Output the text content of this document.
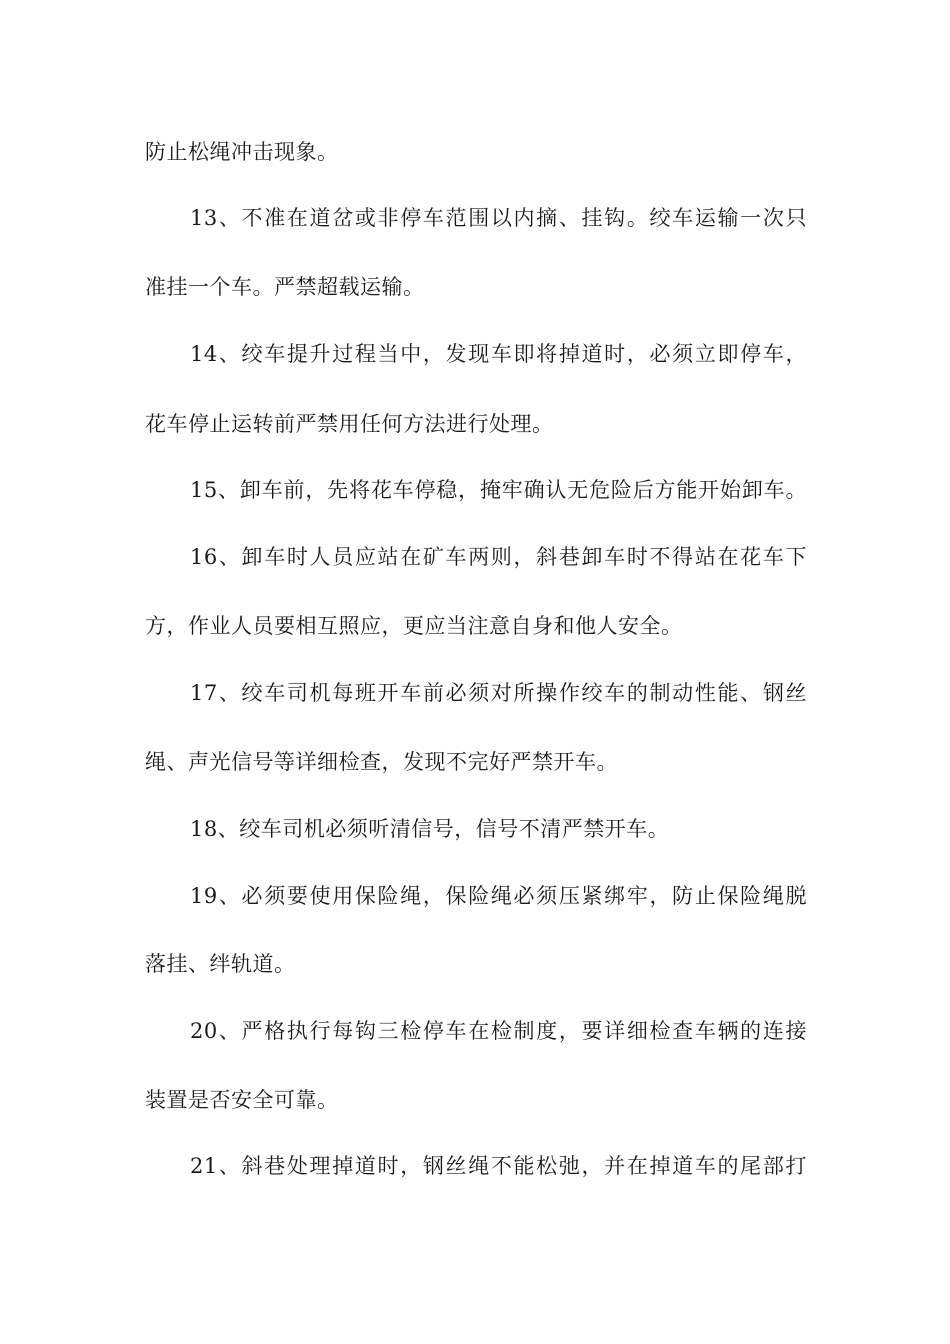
防止松绳冲击现象。

13、不准在道岔或非停车范围以内摘、挂钩。绞车运输一次只

准挂一个车。严禁超载运输。

14、绞车提升过程当中，发现车即将掉道时，必须立即停车，

花车停止运转前严禁用任何方法进行处理。

15、卸车前，先将花车停稳，掩牢确认无危险后方能开始卸车。

16、卸车时人员应站在矿车两则，斜巷卸车时不得站在花车下

方，作业人员要相互照应，更应当注意自身和他人安全。

17、绞车司机每班开车前必须对所操作绞车的制动性能、钢丝

绳、声光信号等详细检查，发现不完好严禁开车。

18、绞车司机必须听清信号，信号不清严禁开车。

19、必须要使用保险绳，保险绳必须压紧绑牢，防止保险绳脱

落挂、绊轨道。

20、严格执行每钩三检停车在检制度，要详细检查车辆的连接

装置是否安全可靠。

21、斜巷处理掉道时，钢丝绳不能松弛，并在掉道车的尾部打
